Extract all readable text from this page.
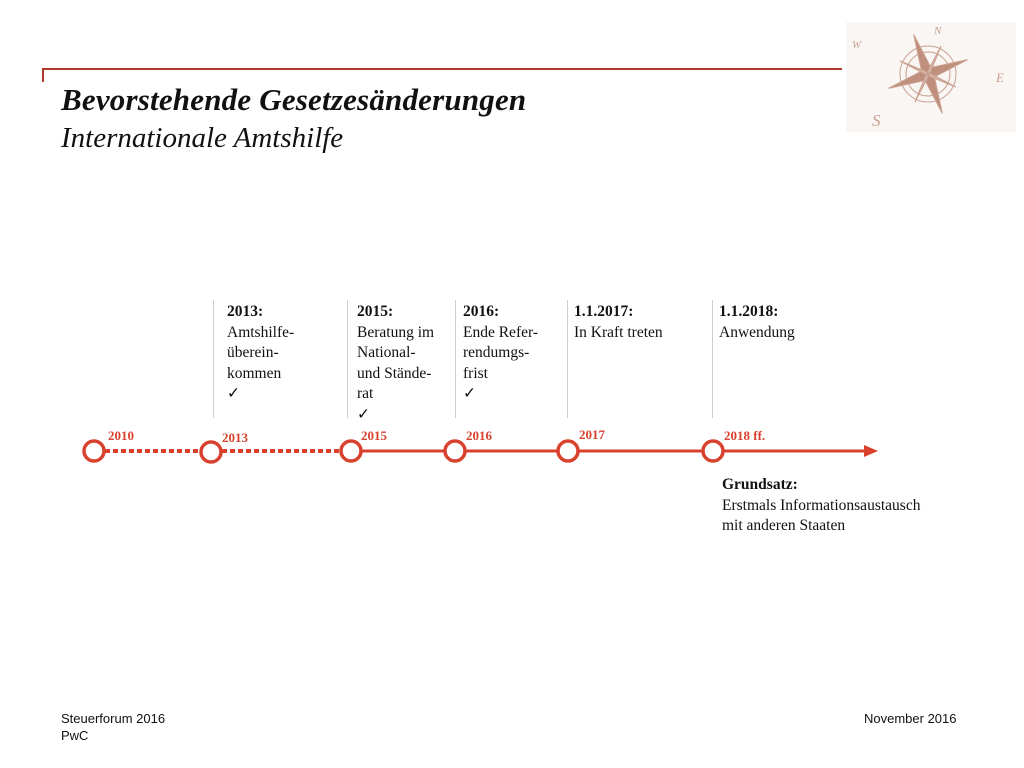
Bevorstehende Gesetzesänderungen
Internationale Amtshilfe
N
E
S
W
2013:
Amtshilfe-
überein-
kommen
✓
2015:
Beratung im
National-
und Stände-
rat
✓
2016:
Ende Refer-
rendumgs-
frist
✓
1.1.2017:
In Kraft treten
1.1.2018:
Anwendung
2010	2013	2015	2016	2017	2018 ff.
Grundsatz:
Erstmals Informationsaustausch
mit anderen Staaten
Steuerforum 2016
PwC
November 2016
